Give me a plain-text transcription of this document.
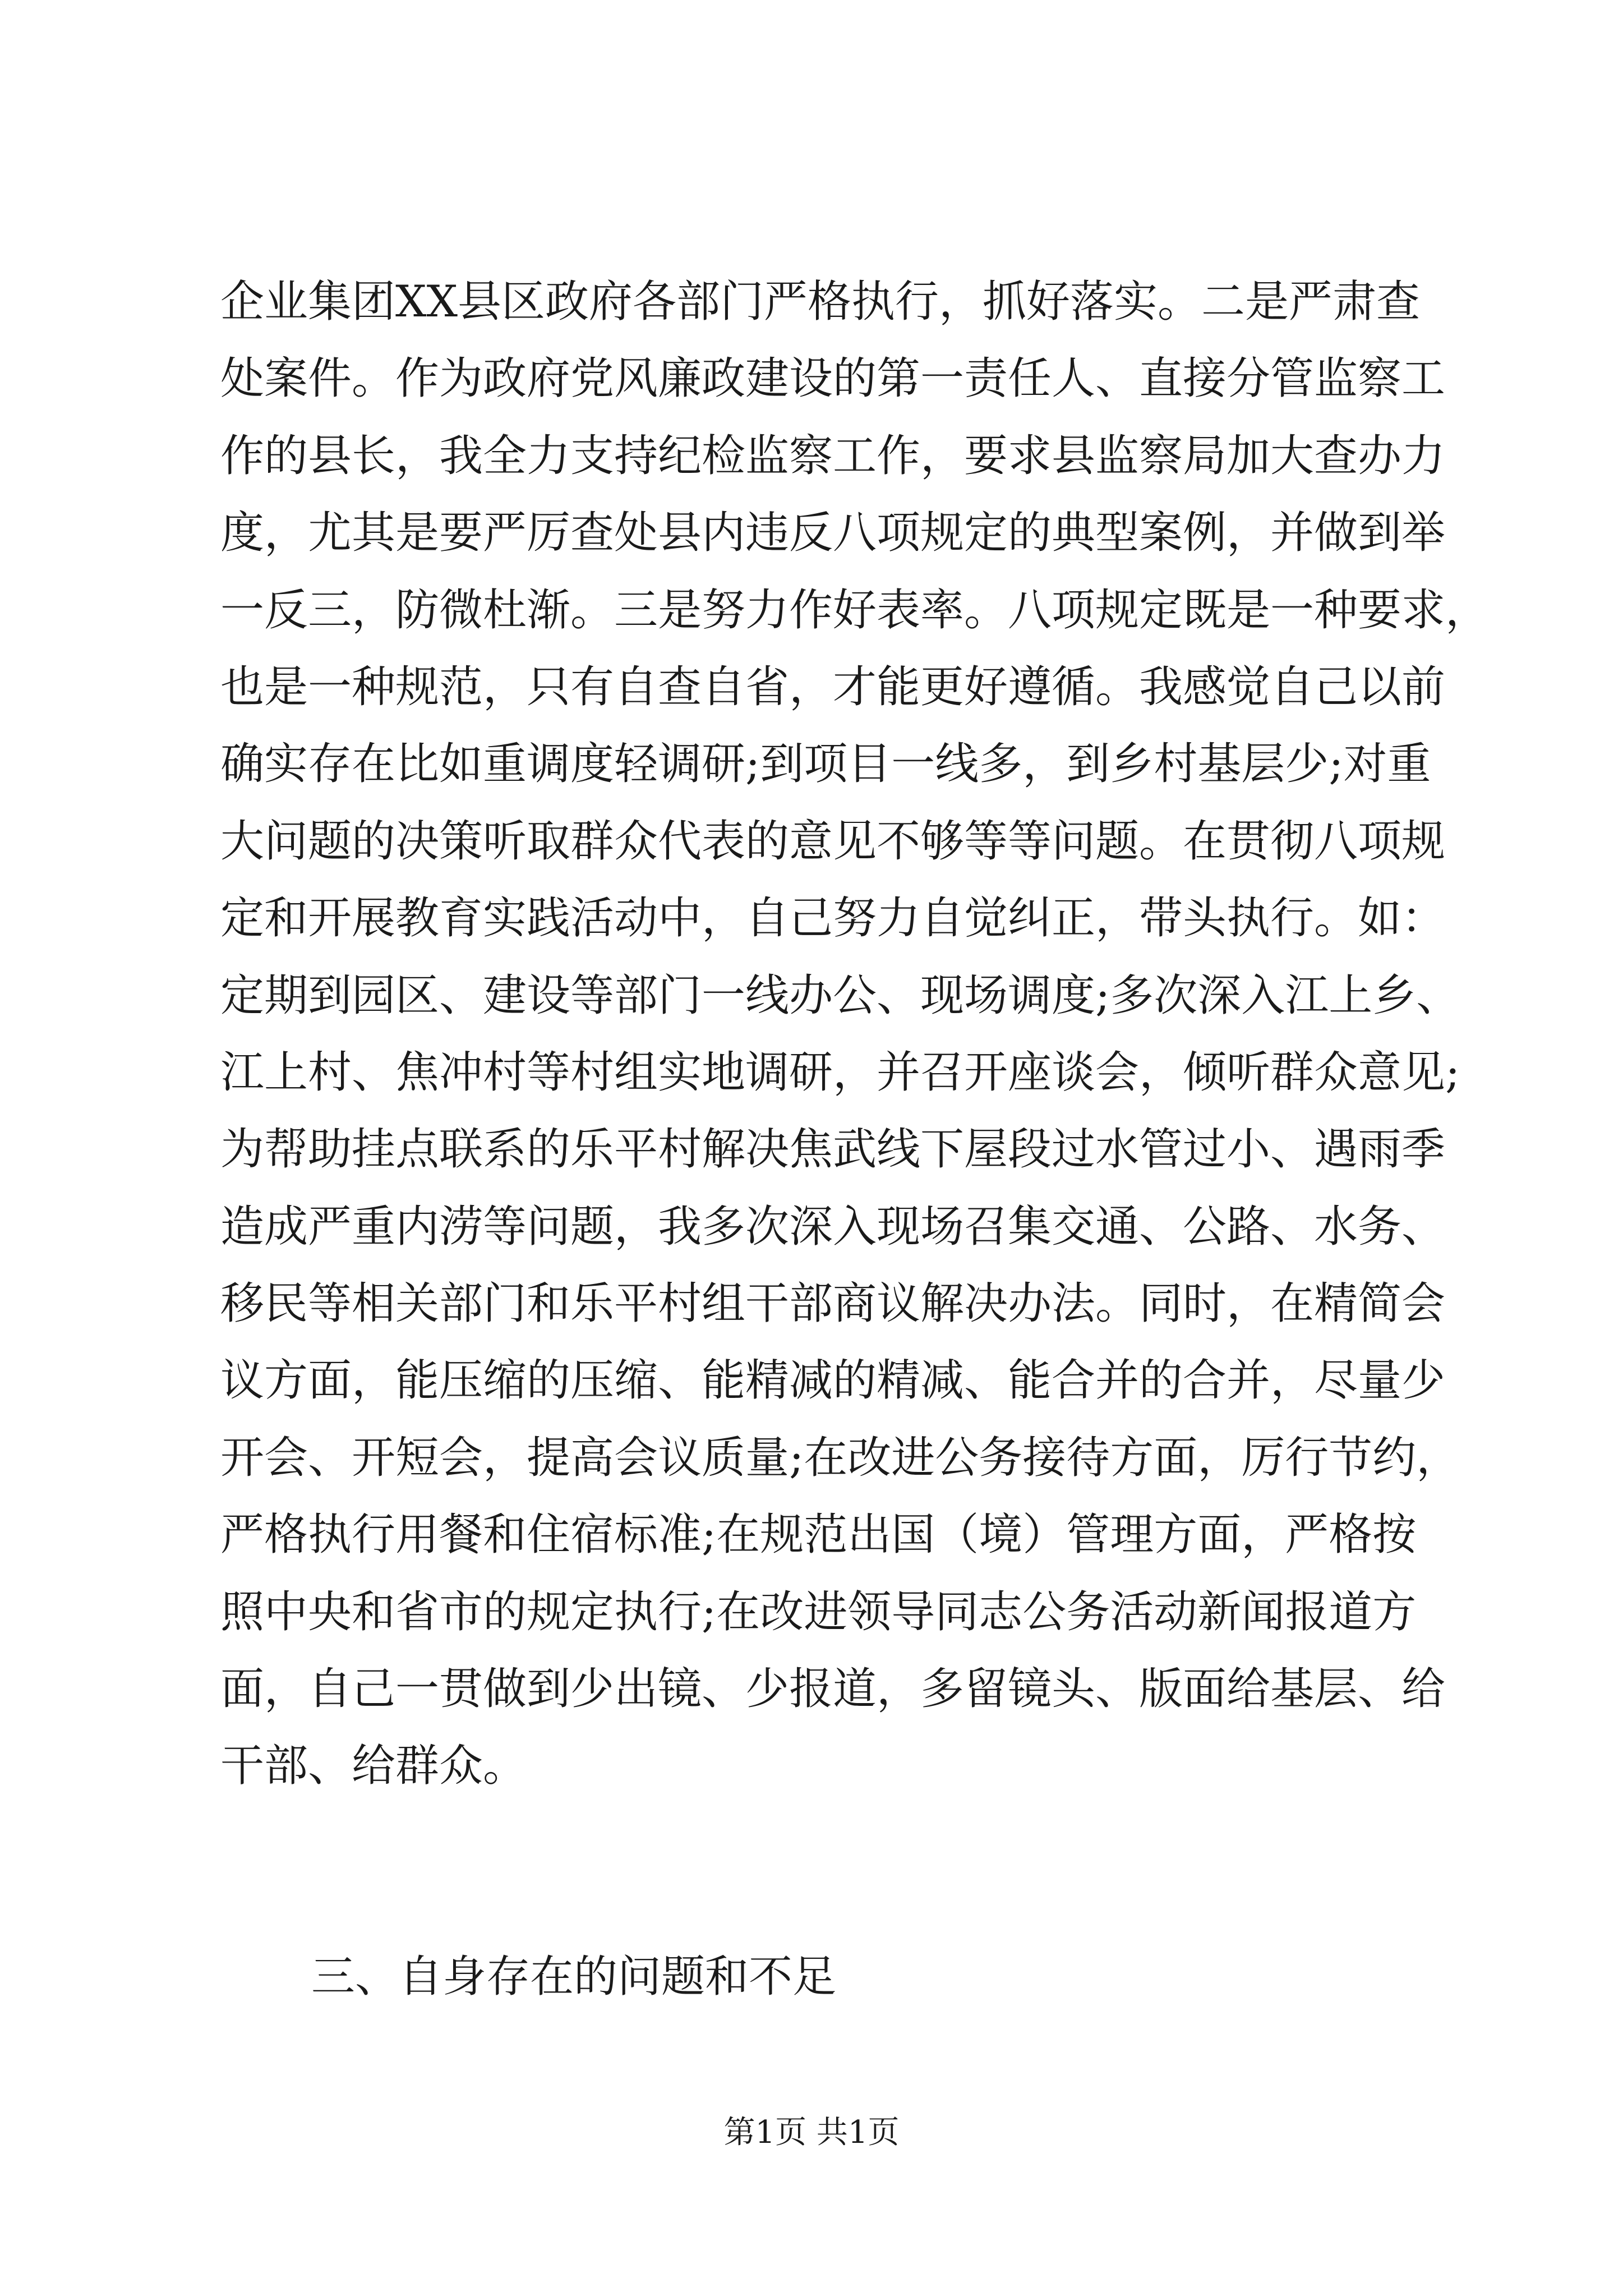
企业集团XX县区政府各部门严格执行，抓好落实。二是严肃查
处案件。作为政府党风廉政建设的第一责任人、直接分管监察工
作的县长，我全力支持纪检监察工作，要求县监察局加大查办力
度，尤其是要严厉查处县内违反八项规定的典型案例，并做到举
一反三，防微杜渐。三是努力作好表率。八项规定既是一种要求，
也是一种规范，只有自查自省，才能更好遵循。我感觉自己以前
确实存在比如重调度轻调研;到项目一线多，到乡村基层少;对重
大问题的决策听取群众代表的意见不够等等问题。在贯彻八项规
定和开展教育实践活动中，自己努力自觉纠正，带头执行。如：
定期到园区、建设等部门一线办公、现场调度;多次深入江上乡、
江上村、焦冲村等村组实地调研，并召开座谈会，倾听群众意见;
为帮助挂点联系的乐平村解决焦武线下屋段过水管过小、遇雨季
造成严重内涝等问题，我多次深入现场召集交通、公路、水务、
移民等相关部门和乐平村组干部商议解决办法。同时，在精简会
议方面，能压缩的压缩、能精减的精减、能合并的合并，尽量少
开会、开短会，提高会议质量;在改进公务接待方面，厉行节约，
严格执行用餐和住宿标准;在规范出国（境）管理方面，严格按
照中央和省市的规定执行;在改进领导同志公务活动新闻报道方
面，自己一贯做到少出镜、少报道，多留镜头、版面给基层、给
干部、给群众。
三、自身存在的问题和不足
第1页 共1页
